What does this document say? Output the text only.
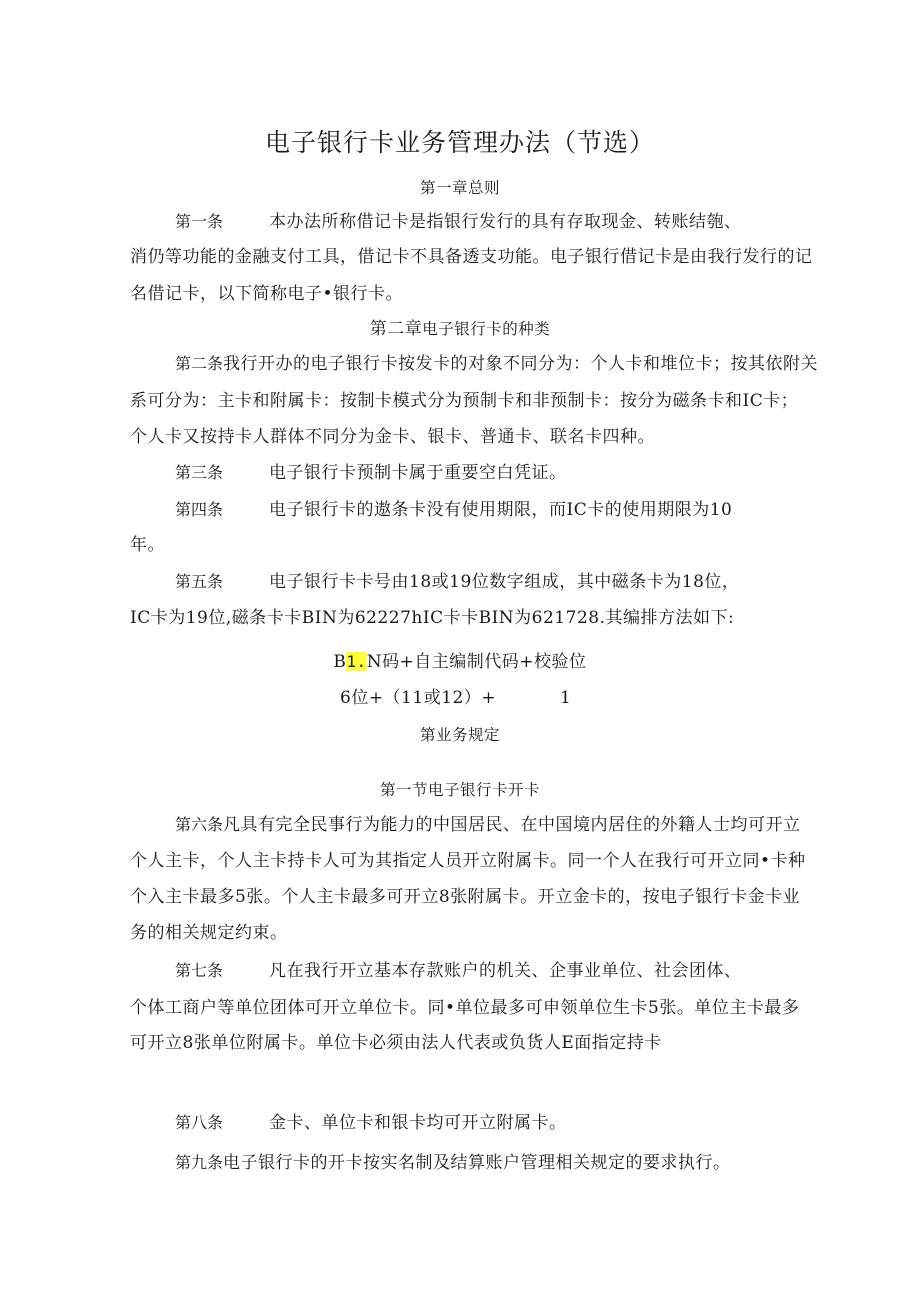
电子银行卡业务管理办法（节选）
第一章总则
第一条	本办法所称借记卡是指银行发行的具有存取现金、转账结匏、
消仍等功能的金融支付工具，借记卡不具备透支功能。电子银行借记卡是由我行发行的记
名借记卡，以下简称电子•银行卡。
第二章电子银行卡的种类
第二条我行开办的电子银行卡按发卡的对象不同分为：个人卡和堆位卡；按其依附关
系可分为：主卡和附属卡：按制卡模式分为预制卡和非预制卡：按分为磁条卡和IC卡；
个人卡又按持卡人群体不同分为金卡、银卡、普通卡、联名卡四种。
第三条	电子银行卡预制卡属于重要空白凭证。
第四条	电子银行卡的遨条卡没有使用期限，而IC卡的使用期限为10
年。
第五条	电子银行卡卡号由18或19位数字组成，其中磁条卡为18位，
IC卡为19位,磁条卡卡BIN为62227hIC卡卡BIN为621728.其编排方法如下:
B1.N码+自主编制代码+校验位
6位+（11或12）+	1
第业务规定
第一节电子银行卡开卡
第六条凡具有完全民事行为能力的中国居民、在中国境内居住的外籍人士均可开立
个人主卡，个人主卡持卡人可为其指定人员开立附属卡。同一个人在我行可开立同•卡种
个入主卡最多5张。个人主卡最多可开立8张附属卡。开立金卡的，按电子银行卡金卡业
务的相关规定约束。
第七条	凡在我行开立基本存款账户的机关、企事业单位、社会团体、
个体工商户等单位团体可开立单位卡。同•单位最多可申领单位生卡5张。单位主卡最多
可开立8张单位附属卡。单位卡必须由法人代表或负货人E面指定持卡
第八条	金卡、单位卡和银卡均可开立附属卡。
第九条电子银行卡的开卡按实名制及结算账户管理相关规定的要求执行。
